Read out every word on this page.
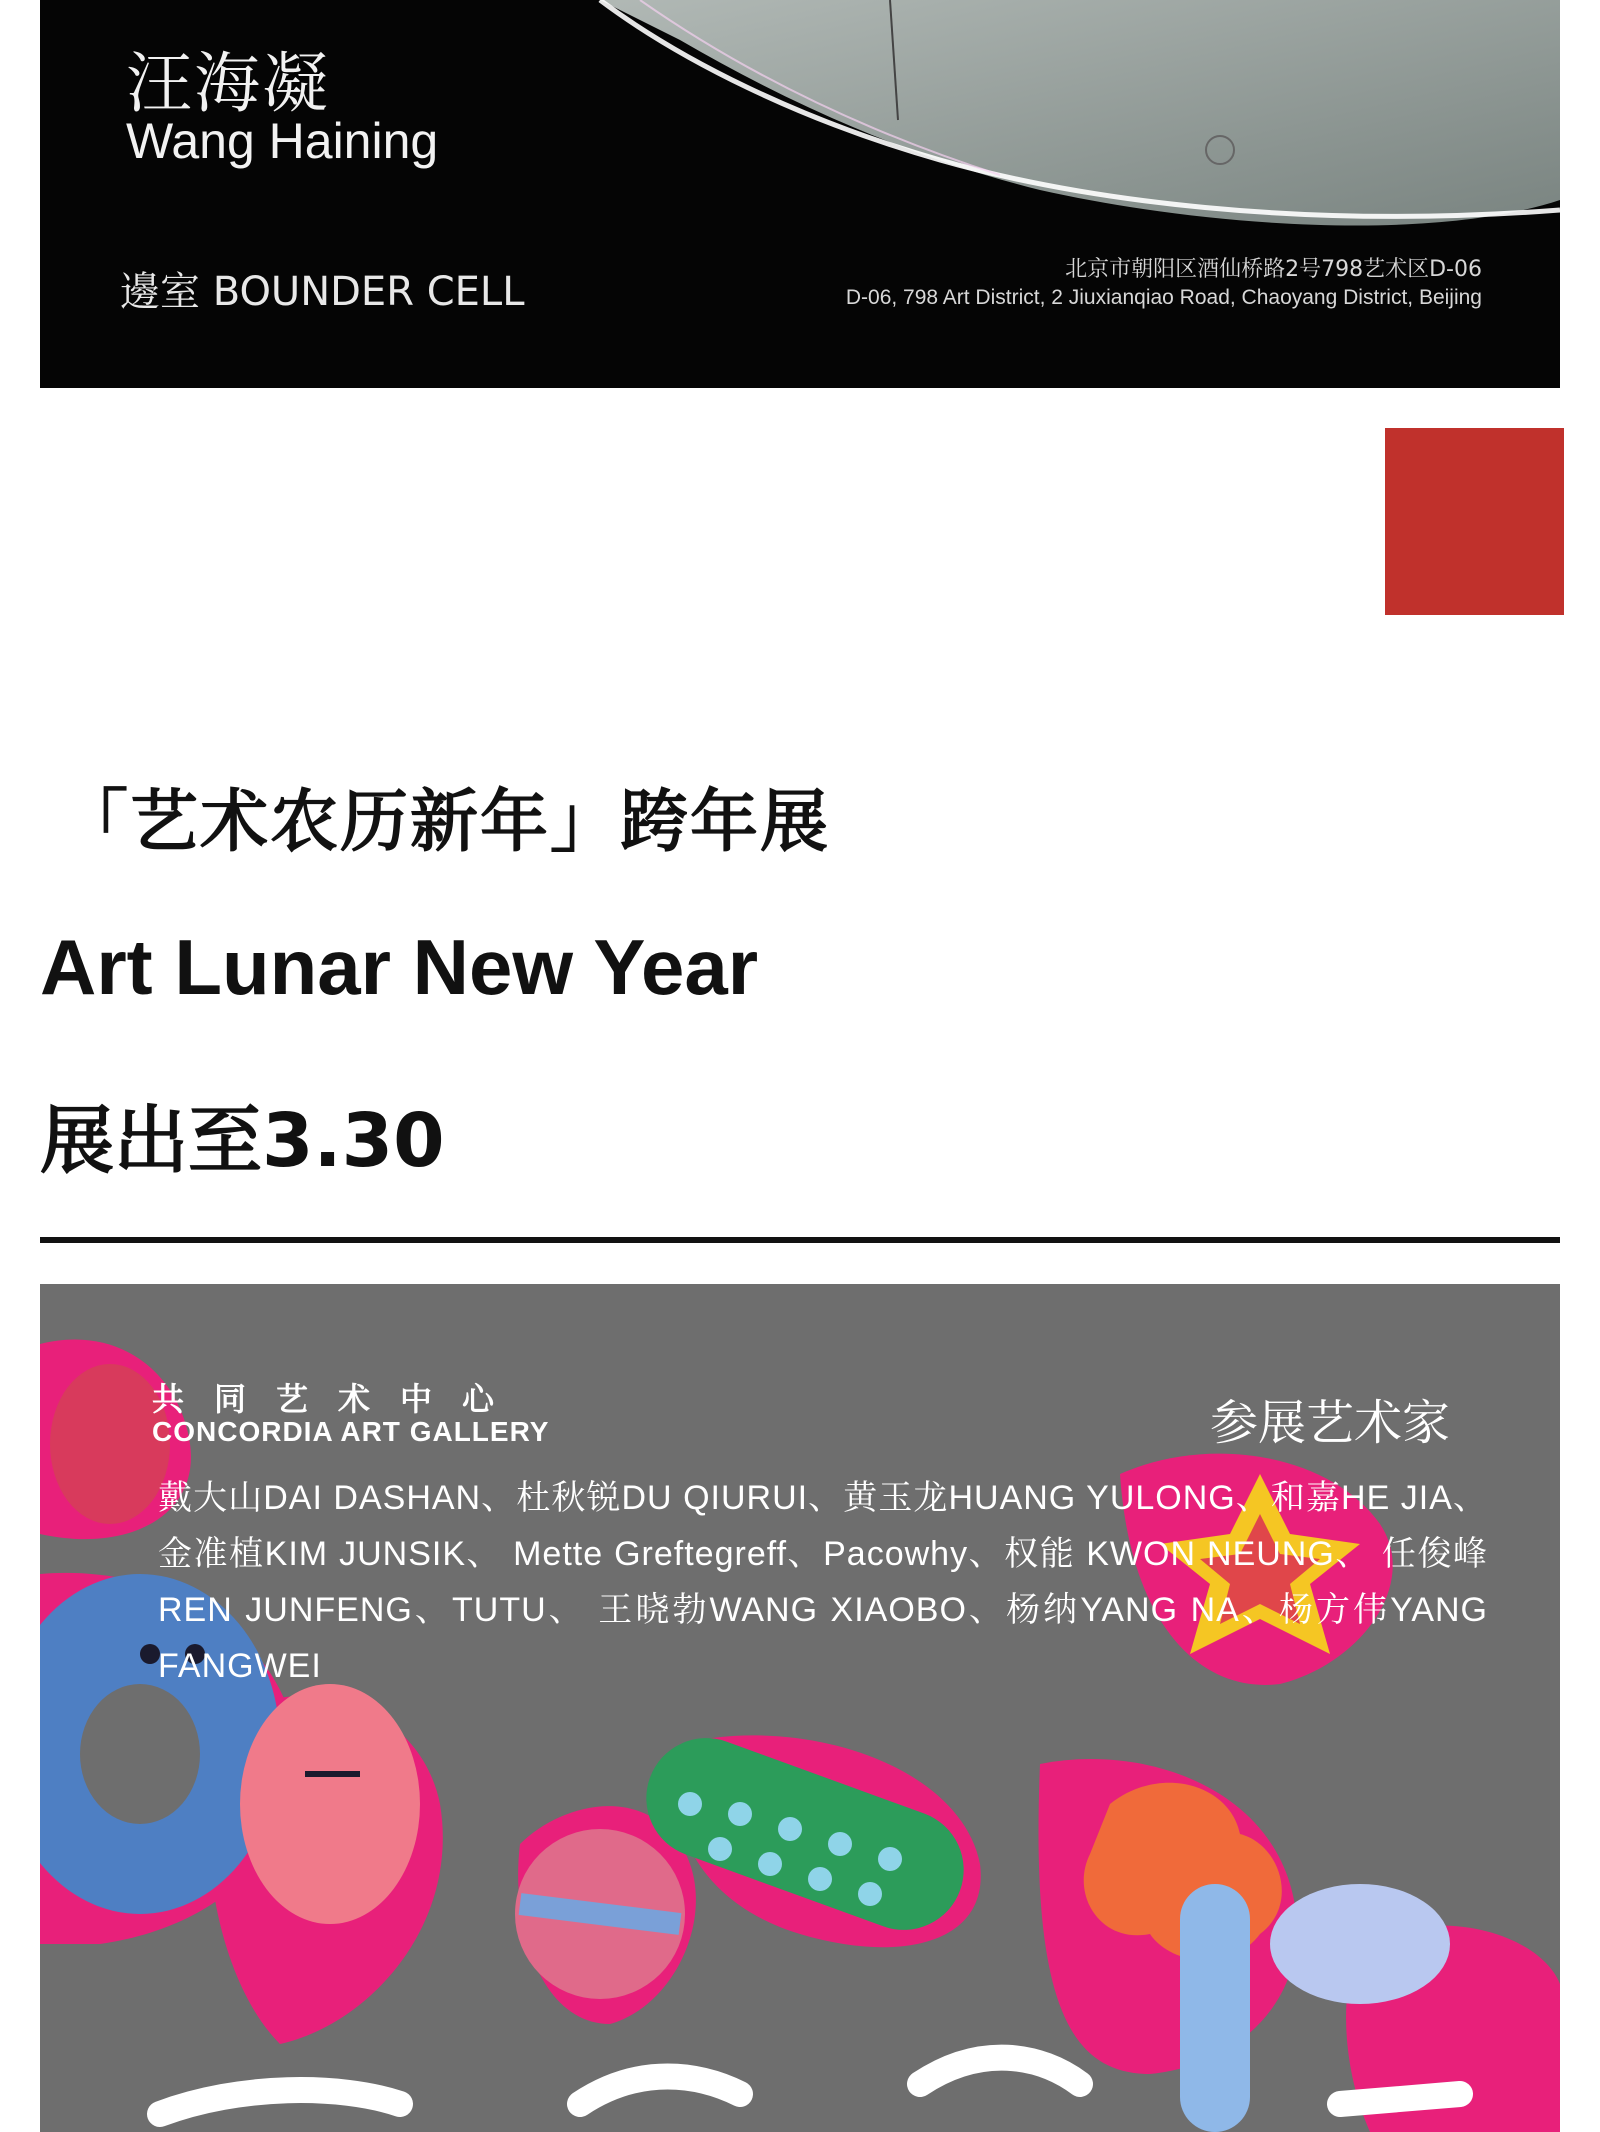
汪海凝
Wang Haining
邊室 BOUNDER CELL	北京市朝阳区酒仙桥路2号798艺术区D-06
D-06, 798 Art District, 2 Jiuxianqiao Road, Chaoyang District, Beijing
「艺术农历新年」跨年展
Art Lunar New Year
展出至3.30
共同艺术中心
CONCORDIA ART GALLERY	参展艺术家
戴大山DAI DASHAN、杜秋锐DU QIURUI、黄玉龙HUANG YULONG、和嘉HE JIA、金准植KIM JUNSIK、 Mette Greftegreff、Pacowhy、权能 KWON NEUNG、 任俊峰REN JUNFENG、TUTU、 王晓勃WANG XIAOBO、杨纳YANG NA、杨方伟YANG FANGWEI
